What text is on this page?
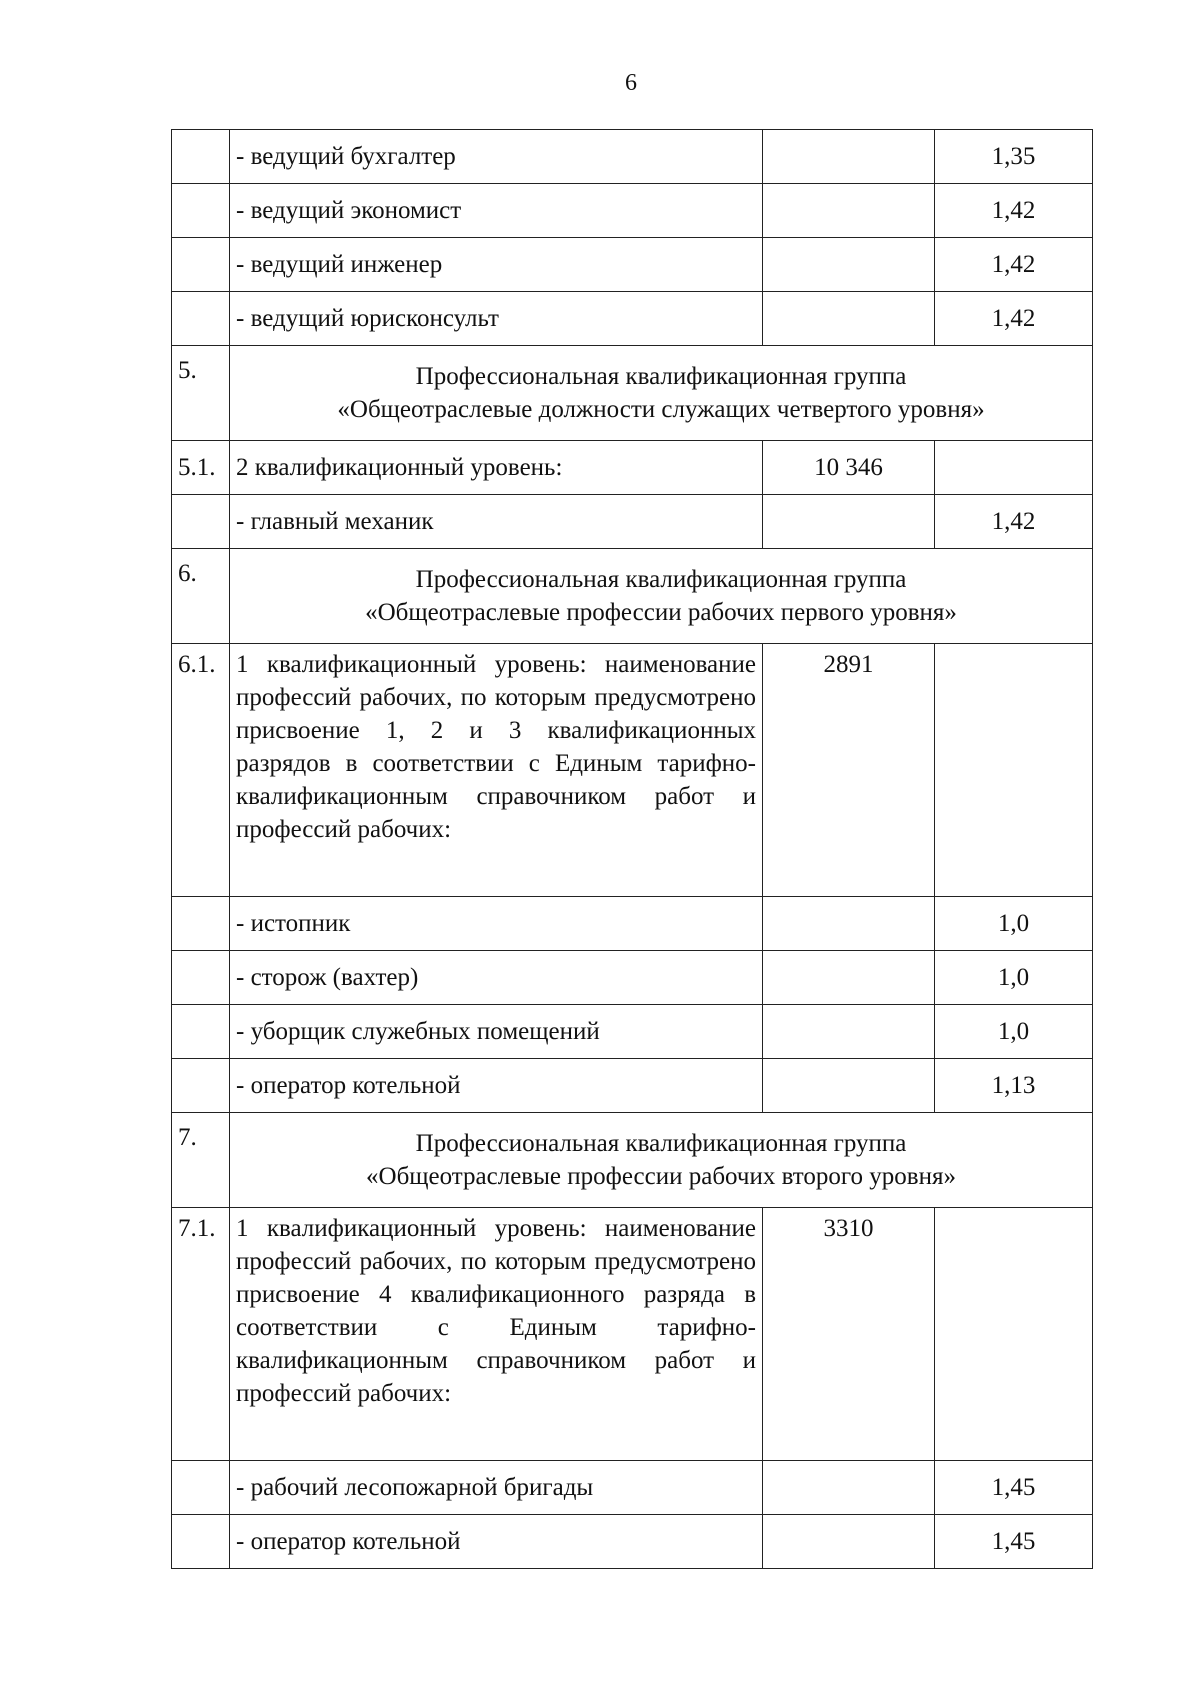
6
	- ведущий бухгалтер		1,35
	- ведущий экономист		1,42
	- ведущий инженер		1,42
	- ведущий юрисконсульт		1,42
5.	Профессиональная квалификационная группа
«Общеотраслевые должности служащих четвертого уровня»		

5.1.	2 квалификационный уровень:	10 346	
	- главный механик		1,42
6.	Профессиональная квалификационная группа
«Общеотраслевые профессии рабочих первого уровня»		

6.1.	1 квалификационный уровень: наименование профессий рабочих, по которым предусмотрено присвоение 1, 2 и 3 квалификационных разрядов в соответствии с Единым тарифно-квалификационным справочником работ и профессий рабочих:	2891	
	- истопник		1,0
	- сторож (вахтер)		1,0
	- уборщик служебных помещений		1,0
	- оператор котельной		1,13
7.	Профессиональная квалификационная группа
«Общеотраслевые профессии рабочих второго уровня»		

7.1.	1 квалификационный уровень: наименование профессий рабочих, по которым предусмотрено присвоение 4 квалификационного разряда в соответствии с Единым тарифно-квалификационным справочником работ и профессий рабочих:	3310	
	- рабочий лесопожарной бригады		1,45
	- оператор котельной		1,45
